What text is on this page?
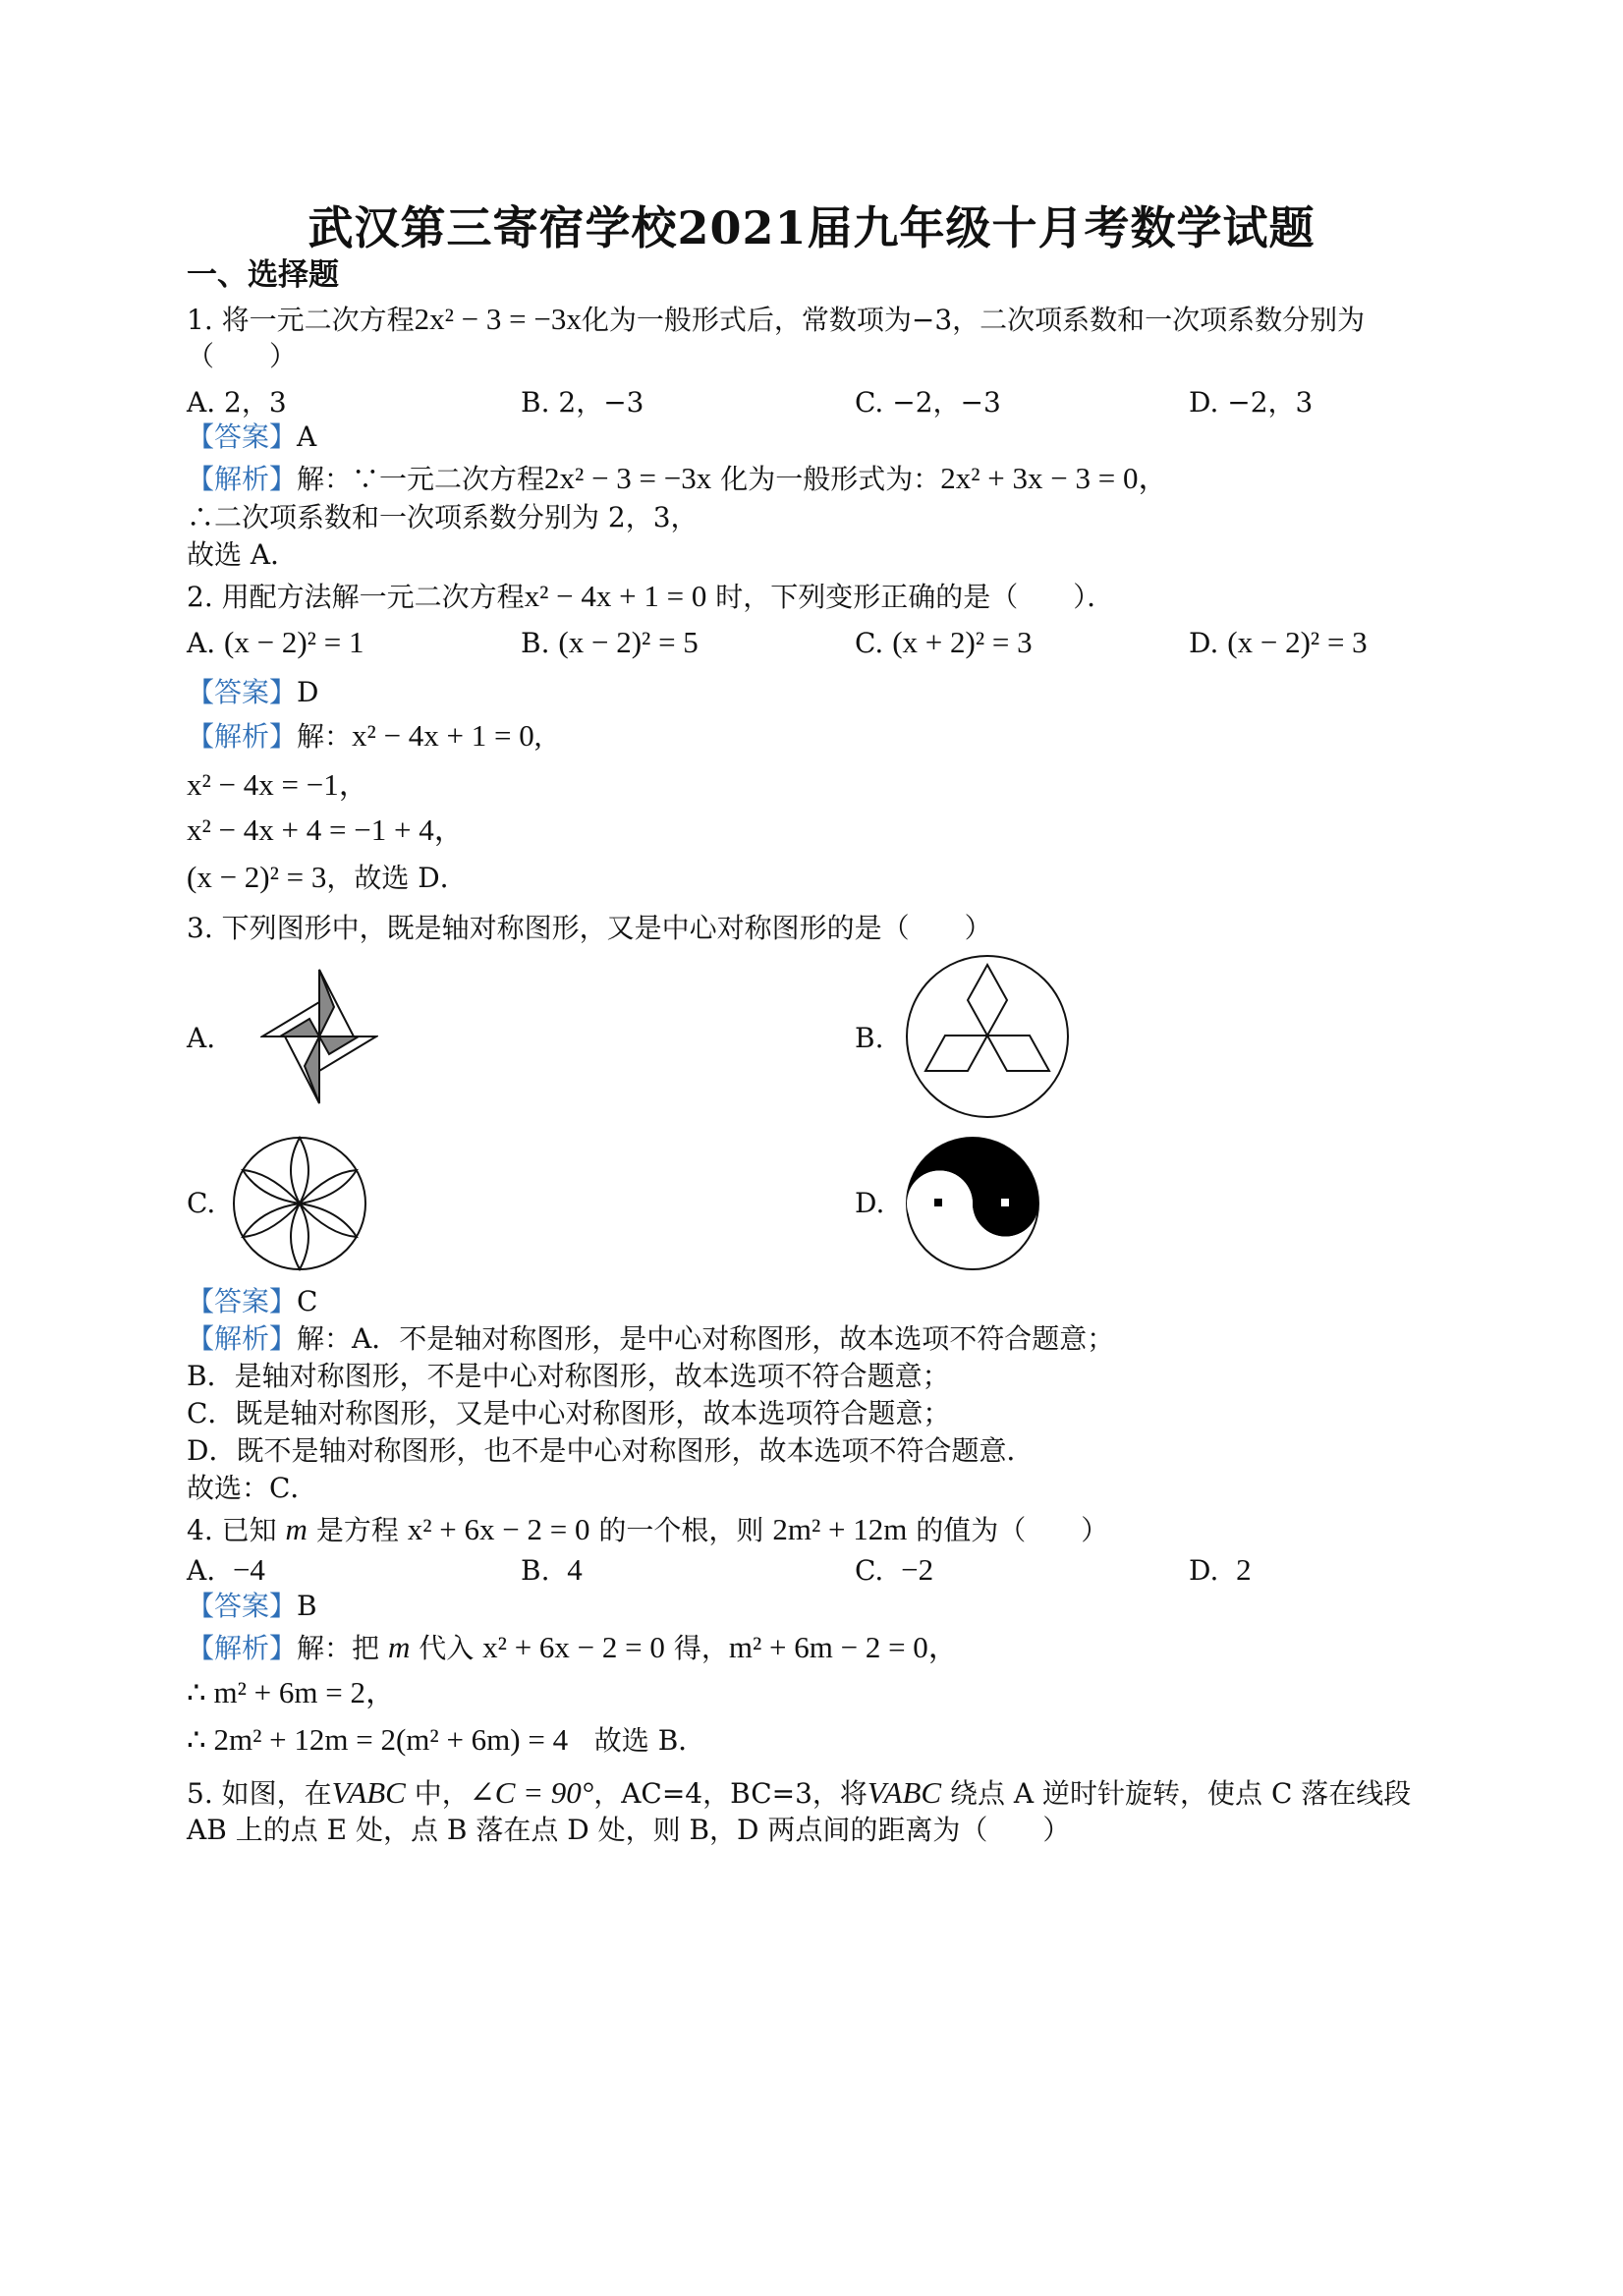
武汉第三寄宿学校2021届九年级十月考数学试题
一、选择题
1. 将一元二次方程2x² − 3 = −3x化为一般形式后，常数项为−3，二次项系数和一次项系数分别为
（　　）
A. 2，3	B. 2，−3	C. −2，−3	D. −2，3
【答案】A
【解析】解：∵一元二次方程2x² − 3 = −3x 化为一般形式为：2x² + 3x − 3 = 0，
∴二次项系数和一次项系数分别为 2，3，
故选 A．
2. 用配方法解一元二次方程x² − 4x + 1 = 0 时，下列变形正确的是（　　）．
A. (x − 2)² = 1	B. (x − 2)² = 5	C. (x + 2)² = 3	D. (x − 2)² = 3
【答案】D
【解析】解：x² − 4x + 1 = 0,
x² − 4x = −1，
x² − 4x + 4 = −1 + 4，
(x − 2)² = 3，故选 D．
3. 下列图形中，既是轴对称图形，又是中心对称图形的是（　　）
A.	B.
C.	D.
【答案】C
【解析】解：A．不是轴对称图形，是中心对称图形，故本选项不符合题意；
B．是轴对称图形，不是中心对称图形，故本选项不符合题意；
C．既是轴对称图形，又是中心对称图形，故本选项符合题意；
D．既不是轴对称图形，也不是中心对称图形，故本选项不符合题意．
故选：C．
4. 已知 m 是方程 x² + 6x − 2 = 0 的一个根，则 2m² + 12m 的值为（　　）
A. −4	B. 4	C. −2	D. 2
【答案】B
【解析】解：把 m 代入 x² + 6x − 2 = 0 得，m² + 6m − 2 = 0，
∴ m² + 6m = 2，
∴ 2m² + 12m = 2(m² + 6m) = 4 故选 B．
5. 如图，在VABC 中，∠C = 90°，AC=4，BC=3，将VABC 绕点 A 逆时针旋转，使点 C 落在线段
AB 上的点 E 处，点 B 落在点 D 处，则 B，D 两点间的距离为（　　）
